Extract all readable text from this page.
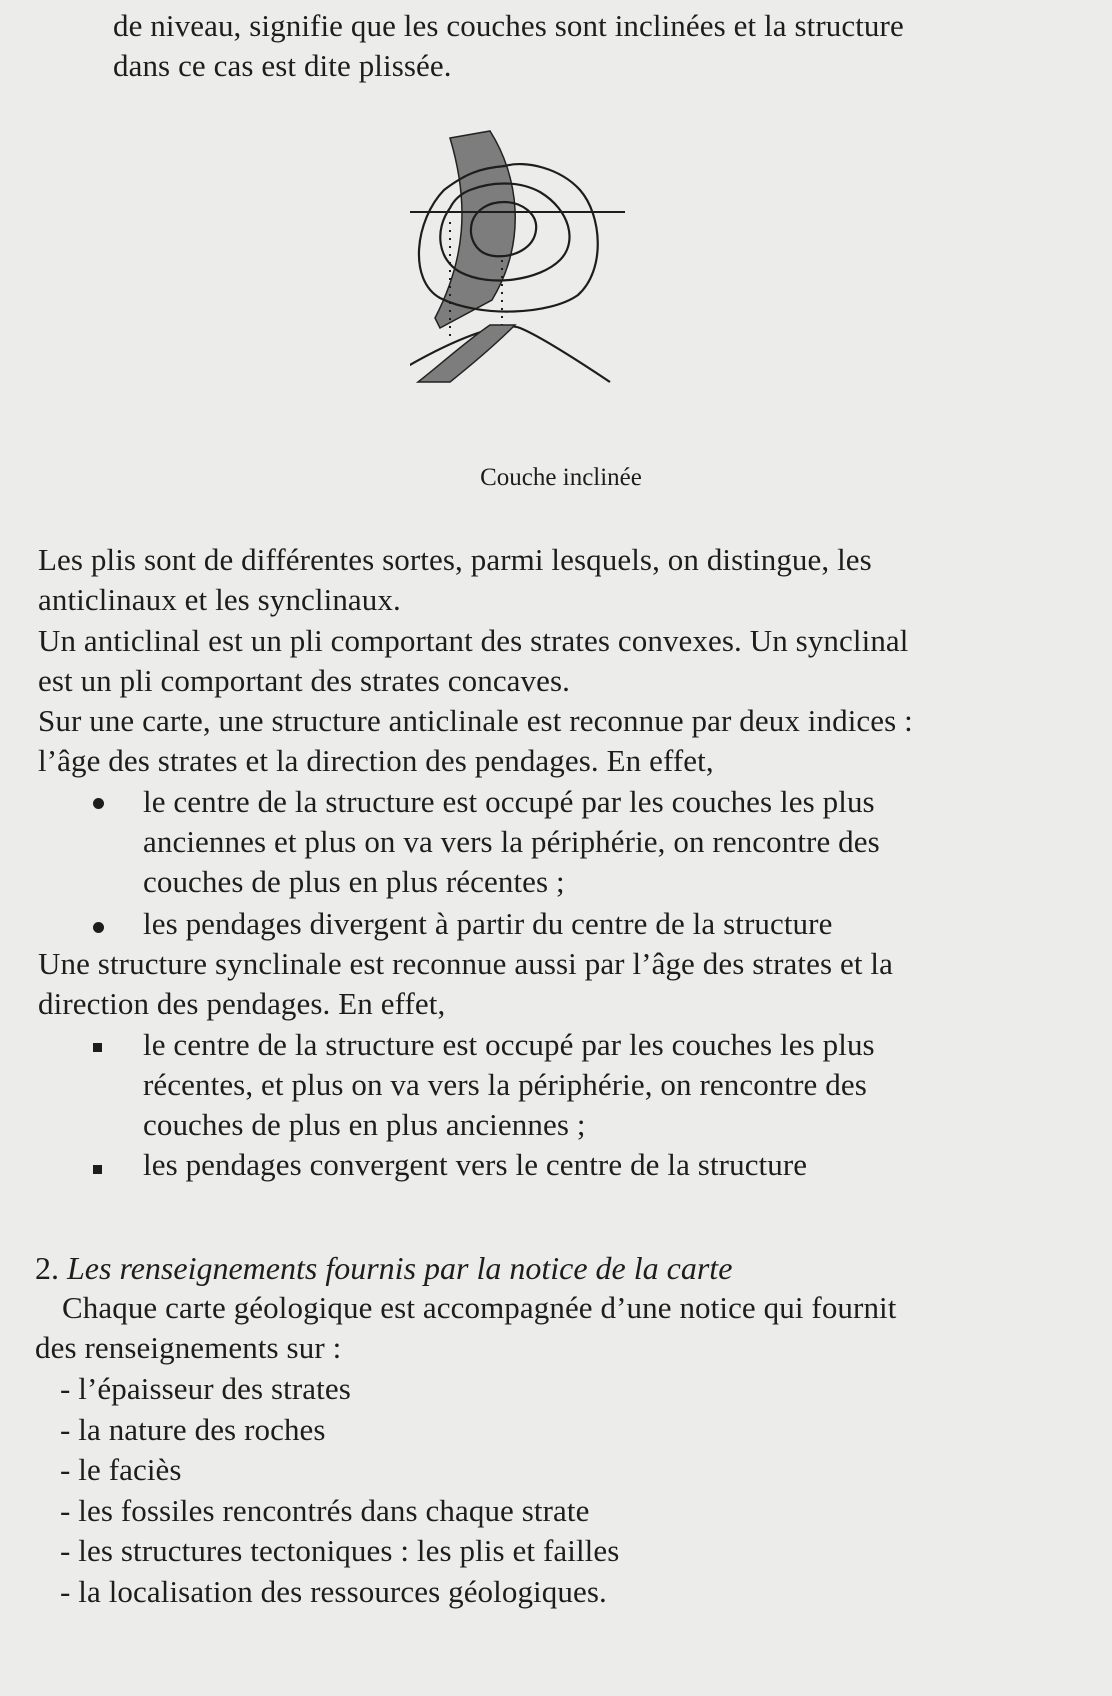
de niveau, signifie que les couches sont inclinées et la structure
dans ce cas est dite plissée.
Couche inclinée
Les plis sont de différentes sortes, parmi lesquels, on distingue, les
anticlinaux et les synclinaux.
Un anticlinal est un pli comportant des strates convexes. Un synclinal
est un pli comportant des strates concaves.
Sur une carte, une structure anticlinale est reconnue par deux indices :
l’âge des strates et la direction des pendages. En effet,
le centre de la structure est occupé par les couches les plus
anciennes et plus on va vers la périphérie, on rencontre des
couches de plus en plus récentes ;
les pendages divergent à partir du centre de la structure
Une structure synclinale est reconnue aussi par l’âge des strates et la
direction des pendages. En effet,
le centre de la structure est occupé par les couches les plus
récentes, et plus on va vers la périphérie, on rencontre des
couches de plus en plus anciennes ;
les pendages convergent vers le centre de la structure
2. Les renseignements fournis par la notice de la carte
Chaque carte géologique est accompagnée d’une notice qui fournit
des renseignements sur :
- l’épaisseur des strates
- la nature des roches
- le faciès
- les fossiles rencontrés dans chaque strate
- les structures tectoniques : les plis et failles
- la localisation des ressources géologiques.
